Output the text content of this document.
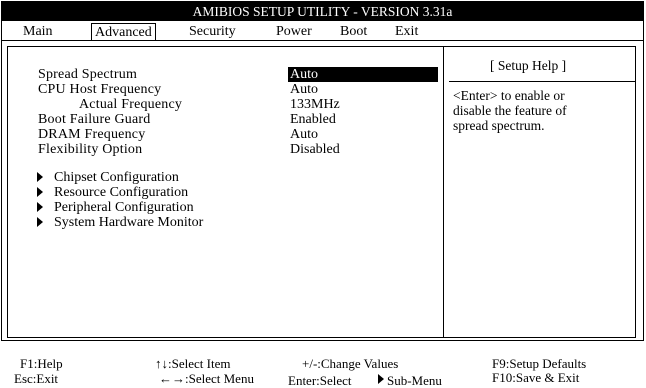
AMIBIOS SETUP UTILITY - VERSION 3.31a
Main	Advanced	Security	Power Boot Exit
Spread Spectrum	Auto
CPU Host Frequency	Auto
Actual Frequency	133MHz
Boot Failure Guard	Enabled
DRAM Frequency	Auto
Flexibility Option	Disabled
Chipset Configuration
Resource Configuration
Peripheral Configuration
System Hardware Monitor
[ Setup Help ]
<Enter> to enable or
disable the feature of
spread spectrum.
F1:Help
Esc:Exit
↑↓:Select Item
←→:Select Menu
+/-:Change Values
Enter:Select	Sub-Menu
F9:Setup Defaults
F10:Save & Exit
